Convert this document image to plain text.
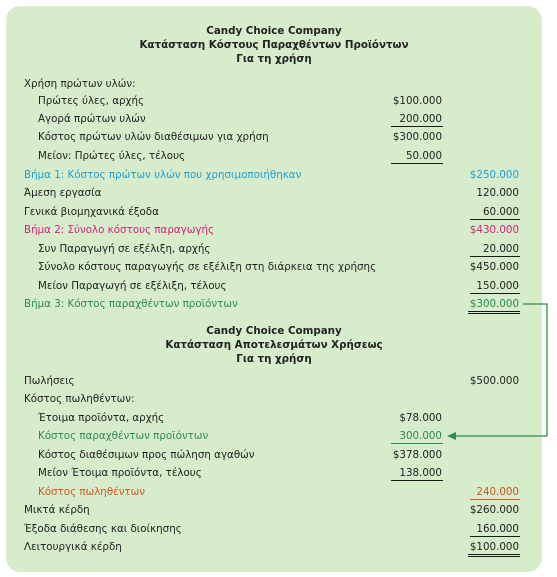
Candy Choice Company
Κατάσταση Κόστους Παραχθέντων Προϊόντων
Για τη χρήση
Χρήση πρώτων υλών:
Πρώτες ύλες, αρχής	$100.000
Αγορά πρώτων υλών	200.000
Κόστος πρώτων υλών διαθέσιμων για χρήση	$300.000
Μείον: Πρώτες ύλες, τέλους	50.000
Βήμα 1: Κόστος πρώτων υλών που χρησιμοποιήθηκαν	$250.000
Άμεση εργασία	120.000
Γενικά βιομηχανικά έξοδα	60.000
Βήμα 2: Σύνολο κόστους παραγωγής	$430.000
Συν Παραγωγή σε εξέλιξη, αρχής	20.000
Σύνολο κόστους παραγωγής σε εξέλιξη στη διάρκεια της χρήσης	$450.000
Μείον Παραγωγή σε εξέλιξη, τέλους	150.000
Βήμα 3: Κόστος παραχθέντων προϊόντων	$300.000
Candy Choice Company
Κατάσταση Αποτελεσμάτων Χρήσεως
Για τη χρήση
Πωλήσεις	$500.000
Κόστος πωληθέντων:
Έτοιμα προϊόντα, αρχής	$78.000
Κόστος παραχθέντων προϊόντων	300.000
Κόστος διαθέσιμων προς πώληση αγαθών	$378.000
Μείον Έτοιμα προϊόντα, τέλους	138.000
Κόστος πωληθέντων	240.000
Μικτά κέρδη	$260.000
Έξοδα διάθεσης και διοίκησης	160.000
Λειτουργικά κέρδη	$100.000
